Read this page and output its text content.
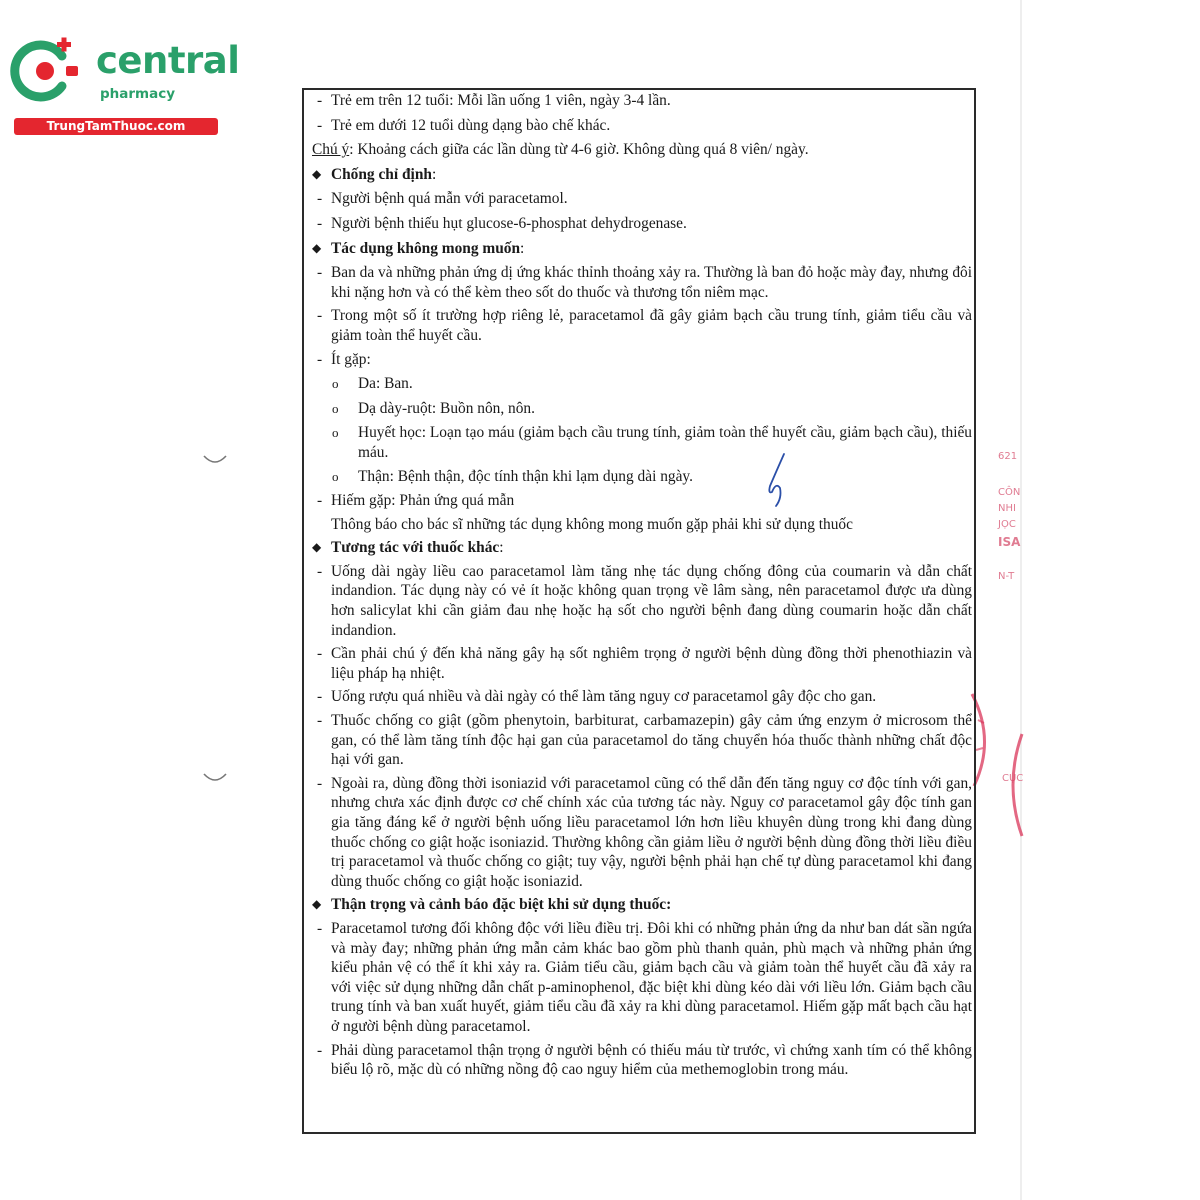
central
pharmacy
TrungTamThuoc.com
621
CÔN
NHI
JỌC
ISA
N-T
CỤC
- Trẻ em trên 12 tuổi: Mỗi lần uống 1 viên, ngày 3-4 lần.
- Trẻ em dưới 12 tuổi dùng dạng bào chế khác.
Chú ý: Khoảng cách giữa các lần dùng từ 4-6 giờ. Không dùng quá 8 viên/ ngày.
◆ Chống chỉ định:
- Người bệnh quá mẫn với paracetamol.
- Người bệnh thiếu hụt glucose-6-phosphat dehydrogenase.
◆ Tác dụng không mong muốn:
- Ban da và những phản ứng dị ứng khác thỉnh thoảng xảy ra. Thường là ban đỏ hoặc mày đay, nhưng đôi khi nặng hơn và có thể kèm theo sốt do thuốc và thương tổn niêm mạc.
- Trong một số ít trường hợp riêng lẻ, paracetamol đã gây giảm bạch cầu trung tính, giảm tiểu cầu và giảm toàn thể huyết cầu.
- Ít gặp:
o Da: Ban.
o Dạ dày-ruột: Buồn nôn, nôn.
o Huyết học: Loạn tạo máu (giảm bạch cầu trung tính, giảm toàn thể huyết cầu, giảm bạch cầu), thiếu máu.
o Thận: Bệnh thận, độc tính thận khi lạm dụng dài ngày.
- Hiếm gặp: Phản ứng quá mẫn
Thông báo cho bác sĩ những tác dụng không mong muốn gặp phải khi sử dụng thuốc
◆ Tương tác với thuốc khác:
- Uống dài ngày liều cao paracetamol làm tăng nhẹ tác dụng chống đông của coumarin và dẫn chất indandion. Tác dụng này có vẻ ít hoặc không quan trọng về lâm sàng, nên paracetamol được ưa dùng hơn salicylat khi cần giảm đau nhẹ hoặc hạ sốt cho người bệnh đang dùng coumarin hoặc dẫn chất indandion.
- Cần phải chú ý đến khả năng gây hạ sốt nghiêm trọng ở người bệnh dùng đồng thời phenothiazin và liệu pháp hạ nhiệt.
- Uống rượu quá nhiều và dài ngày có thể làm tăng nguy cơ paracetamol gây độc cho gan.
- Thuốc chống co giật (gồm phenytoin, barbiturat, carbamazepin) gây cảm ứng enzym ở microsom thể gan, có thể làm tăng tính độc hại gan của paracetamol do tăng chuyển hóa thuốc thành những chất độc hại với gan.
- Ngoài ra, dùng đồng thời isoniazid với paracetamol cũng có thể dẫn đến tăng nguy cơ độc tính với gan, nhưng chưa xác định được cơ chế chính xác của tương tác này. Nguy cơ paracetamol gây độc tính gan gia tăng đáng kể ở người bệnh uống liều paracetamol lớn hơn liều khuyên dùng trong khi đang dùng thuốc chống co giật hoặc isoniazid. Thường không cần giảm liều ở người bệnh dùng đồng thời liều điều trị paracetamol và thuốc chống co giật; tuy vậy, người bệnh phải hạn chế tự dùng paracetamol khi đang dùng thuốc chống co giật hoặc isoniazid.
◆ Thận trọng và cảnh báo đặc biệt khi sử dụng thuốc:
- Paracetamol tương đối không độc với liều điều trị. Đôi khi có những phản ứng da như ban dát sần ngứa và mày đay; những phản ứng mẫn cảm khác bao gồm phù thanh quản, phù mạch và những phản ứng kiểu phản vệ có thể ít khi xảy ra. Giảm tiểu cầu, giảm bạch cầu và giảm toàn thể huyết cầu đã xảy ra với việc sử dụng những dẫn chất p-aminophenol, đặc biệt khi dùng kéo dài với liều lớn. Giảm bạch cầu trung tính và ban xuất huyết, giảm tiểu cầu đã xảy ra khi dùng paracetamol. Hiếm gặp mất bạch cầu hạt ở người bệnh dùng paracetamol.
- Phải dùng paracetamol thận trọng ở người bệnh có thiếu máu từ trước, vì chứng xanh tím có thể không biểu lộ rõ, mặc dù có những nồng độ cao nguy hiểm của methemoglobin trong máu.
